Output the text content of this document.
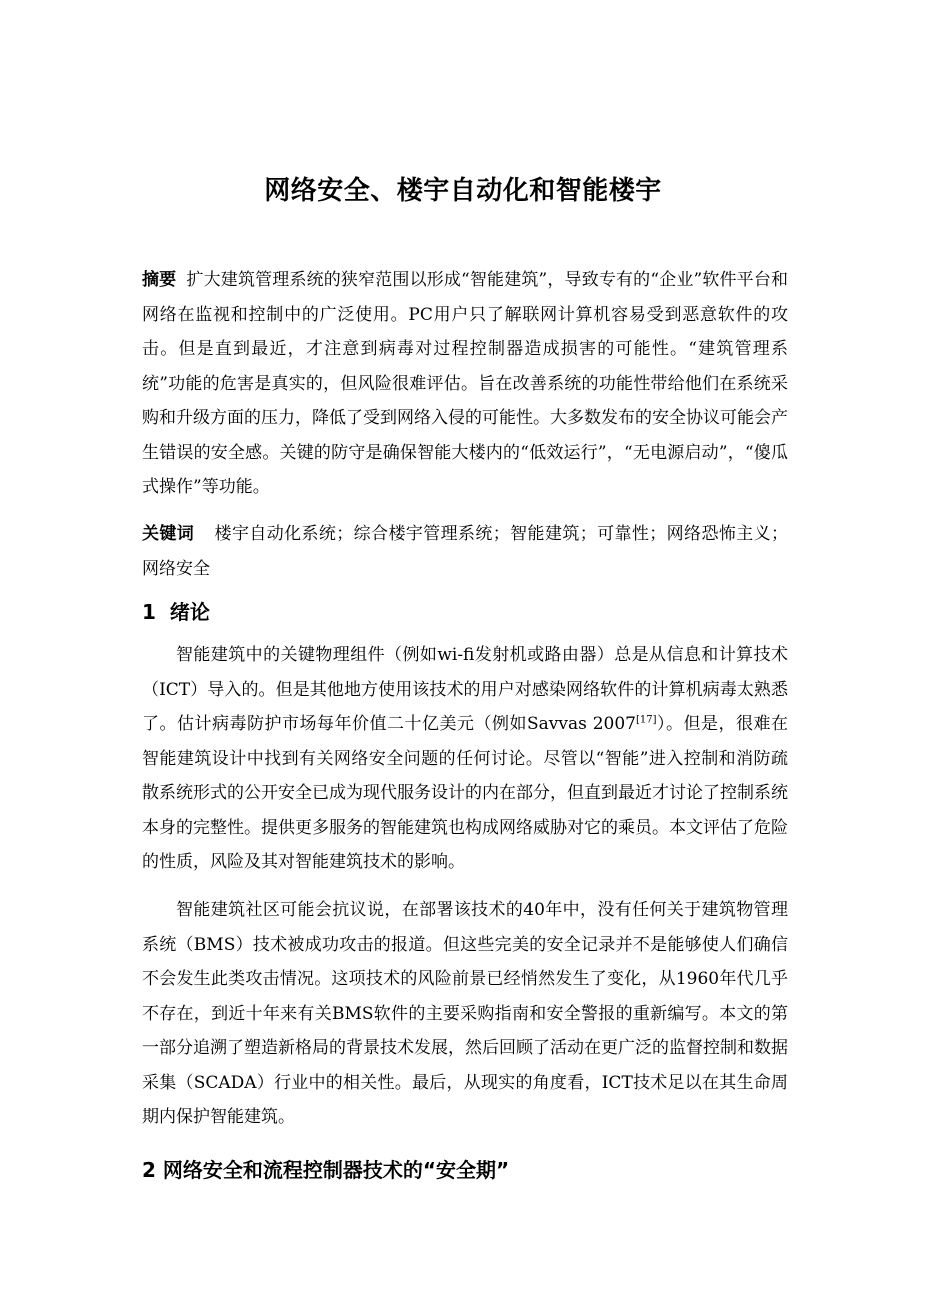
网络安全、楼宇自动化和智能楼宇
摘要 扩大建筑管理系统的狭窄范围以形成“智能建筑”，导致专有的“企业”软件平台和网络在监视和控制中的广泛使用。PC用户只了解联网计算机容易受到恶意软件的攻击。但是直到最近，才注意到病毒对过程控制器造成损害的可能性。“建筑管理系统”功能的危害是真实的，但风险很难评估。旨在改善系统的功能性带给他们在系统采购和升级方面的压力，降低了受到网络入侵的可能性。大多数发布的安全协议可能会产生错误的安全感。关键的防守是确保智能大楼内的“低效运行”，“无电源启动”，“傻瓜式操作”等功能。
关键词 楼宇自动化系统；综合楼宇管理系统；智能建筑；可靠性；网络恐怖主义；网络安全
1 绪论
智能建筑中的关键物理组件（例如wi-fi发射机或路由器）总是从信息和计算技术（ICT）导入的。但是其他地方使用该技术的用户对感染网络软件的计算机病毒太熟悉了。估计病毒防护市场每年价值二十亿美元（例如Savvas 2007[17]）。但是，很难在智能建筑设计中找到有关网络安全问题的任何讨论。尽管以“智能”进入控制和消防疏散系统形式的公开安全已成为现代服务设计的内在部分，但直到最近才讨论了控制系统本身的完整性。提供更多服务的智能建筑也构成网络威胁对它的乘员。本文评估了危险的性质，风险及其对智能建筑技术的影响。
智能建筑社区可能会抗议说，在部署该技术的40年中，没有任何关于建筑物管理系统（BMS）技术被成功攻击的报道。但这些完美的安全记录并不是能够使人们确信不会发生此类攻击情况。这项技术的风险前景已经悄然发生了变化，从1960年代几乎不存在，到近十年来有关BMS软件的主要采购指南和安全警报的重新编写。本文的第一部分追溯了塑造新格局的背景技术发展，然后回顾了活动在更广泛的监督控制和数据采集（SCADA）行业中的相关性。最后，从现实的角度看，ICT技术足以在其生命周期内保护智能建筑。
2 网络安全和流程控制器技术的“安全期”
